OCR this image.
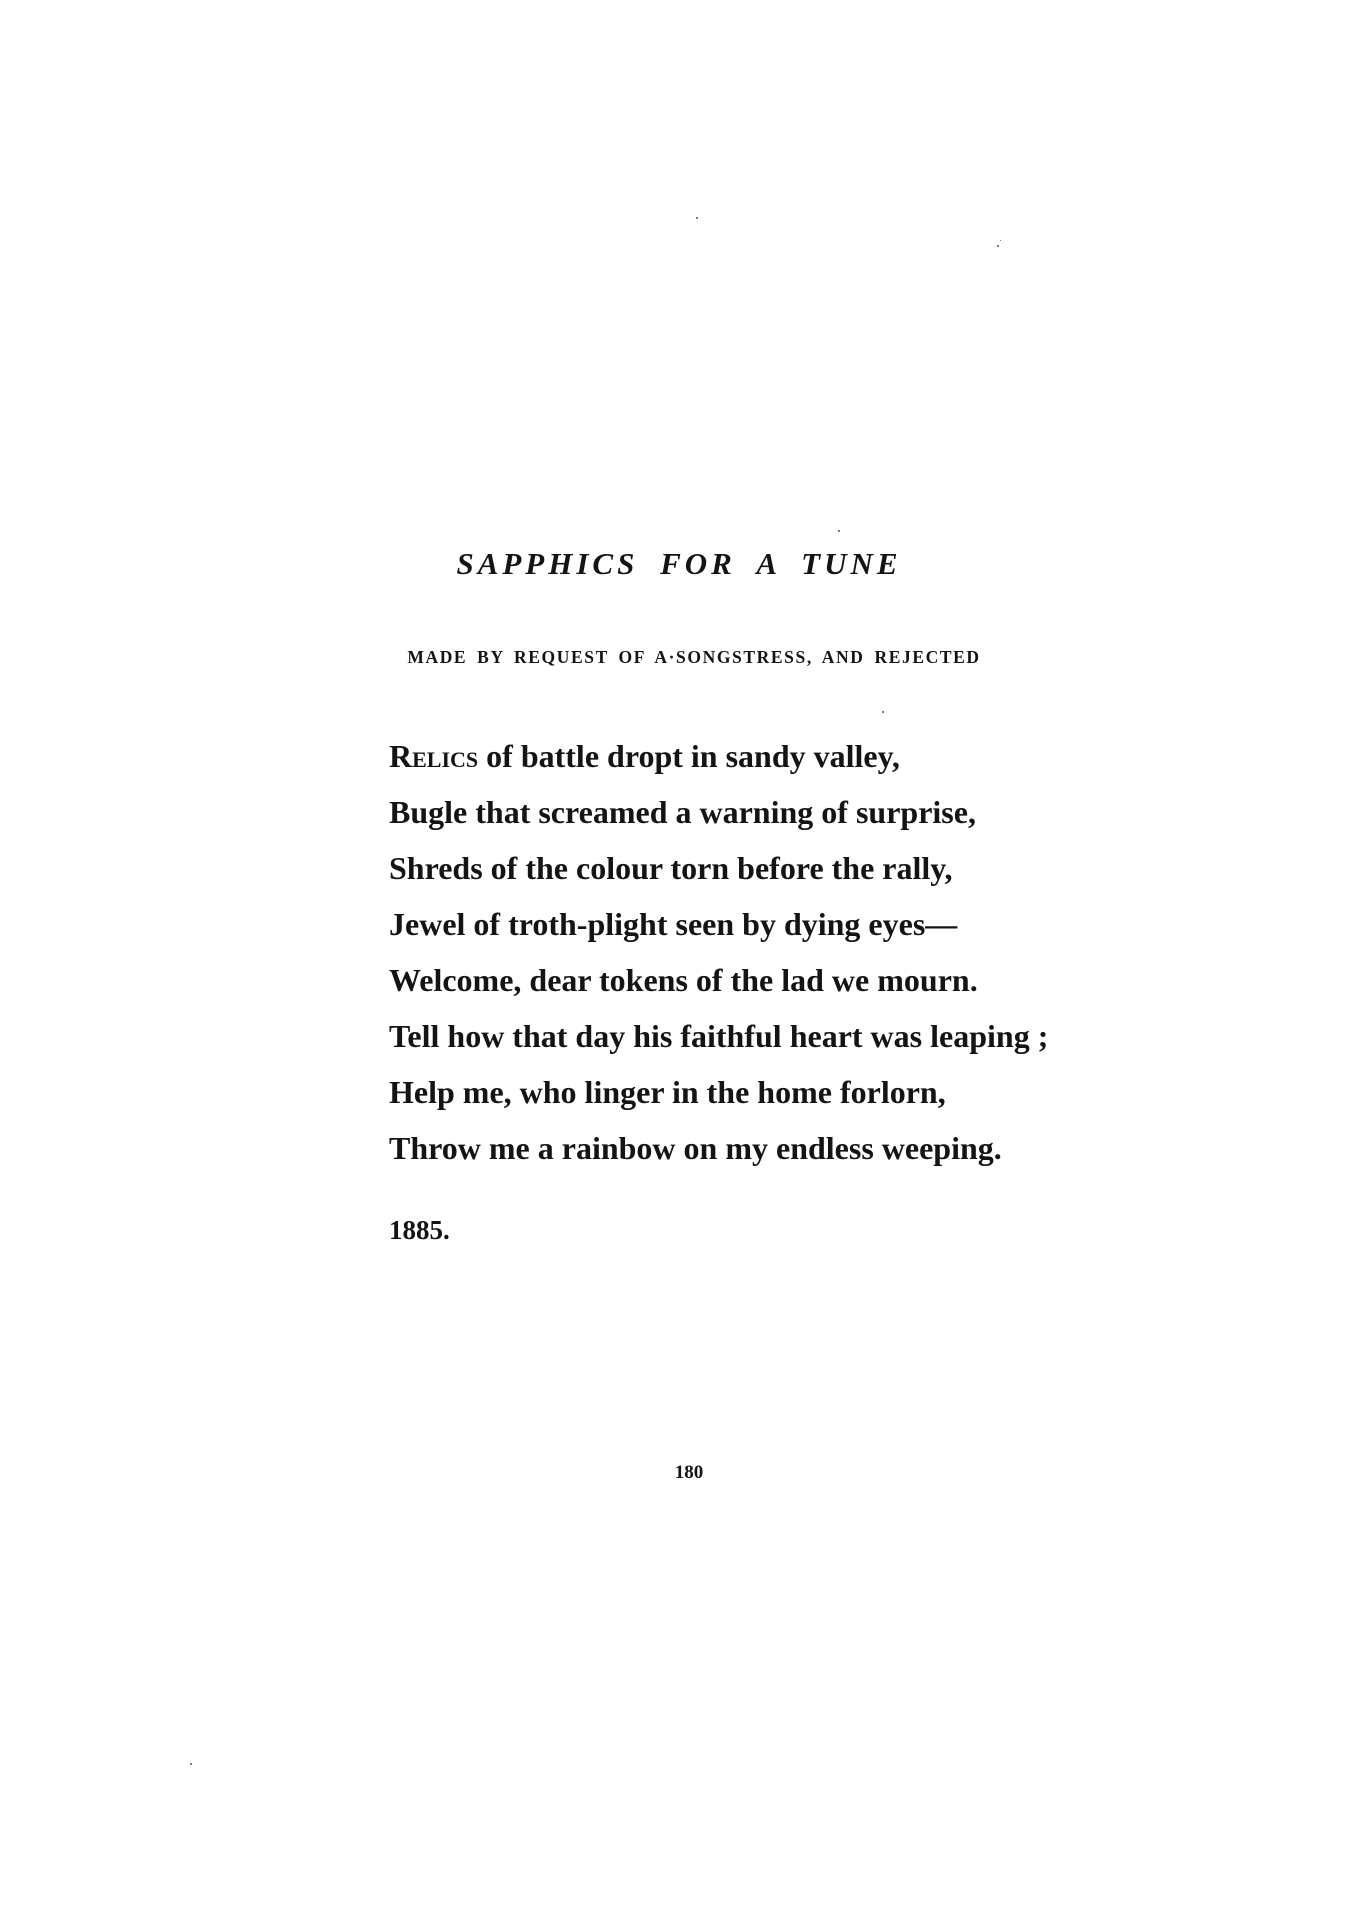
SAPPHICS FOR A TUNE
MADE BY REQUEST OF A·SONGSTRESS, AND REJECTED
Relics of battle dropt in sandy valley,
Bugle that screamed a warning of surprise,
Shreds of the colour torn before the rally,
Jewel of troth-plight seen by dying eyes—
Welcome, dear tokens of the lad we mourn.
Tell how that day his faithful heart was leaping ;
Help me, who linger in the home forlorn,
Throw me a rainbow on my endless weeping.
1885.
180
